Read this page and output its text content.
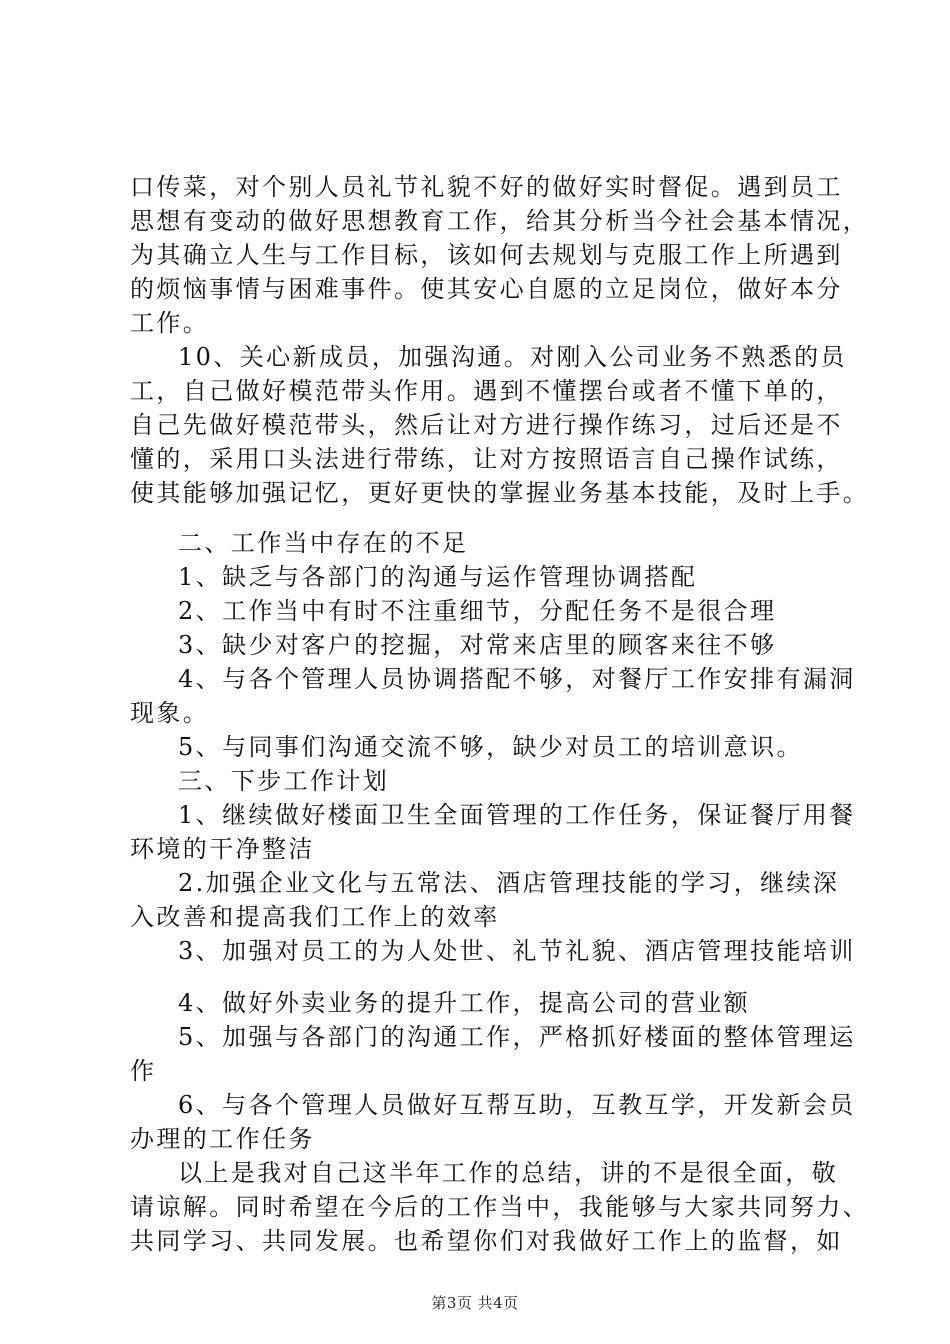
口传菜，对个别人员礼节礼貌不好的做好实时督促。遇到员工
思想有变动的做好思想教育工作，给其分析当今社会基本情况，
为其确立人生与工作目标，该如何去规划与克服工作上所遇到
的烦恼事情与困难事件。使其安心自愿的立足岗位，做好本分
工作。
10、关心新成员，加强沟通。对刚入公司业务不熟悉的员
工，自己做好模范带头作用。遇到不懂摆台或者不懂下单的，
自己先做好模范带头，然后让对方进行操作练习，过后还是不
懂的，采用口头法进行带练，让对方按照语言自己操作试练，
使其能够加强记忆，更好更快的掌握业务基本技能，及时上手。
二、工作当中存在的不足
1、缺乏与各部门的沟通与运作管理协调搭配
2、工作当中有时不注重细节，分配任务不是很合理
3、缺少对客户的挖掘，对常来店里的顾客来往不够
4、与各个管理人员协调搭配不够，对餐厅工作安排有漏洞
现象。
5、与同事们沟通交流不够，缺少对员工的培训意识。
三、下步工作计划
1、继续做好楼面卫生全面管理的工作任务，保证餐厅用餐
环境的干净整洁
2.加强企业文化与五常法、酒店管理技能的学习，继续深
入改善和提高我们工作上的效率
3、加强对员工的为人处世、礼节礼貌、酒店管理技能培训
4、做好外卖业务的提升工作，提高公司的营业额
5、加强与各部门的沟通工作，严格抓好楼面的整体管理运
作
6、与各个管理人员做好互帮互助，互教互学，开发新会员
办理的工作任务
以上是我对自己这半年工作的总结，讲的不是很全面，敬
请谅解。同时希望在今后的工作当中，我能够与大家共同努力、
共同学习、共同发展。也希望你们对我做好工作上的监督，如
第3页 共4页
